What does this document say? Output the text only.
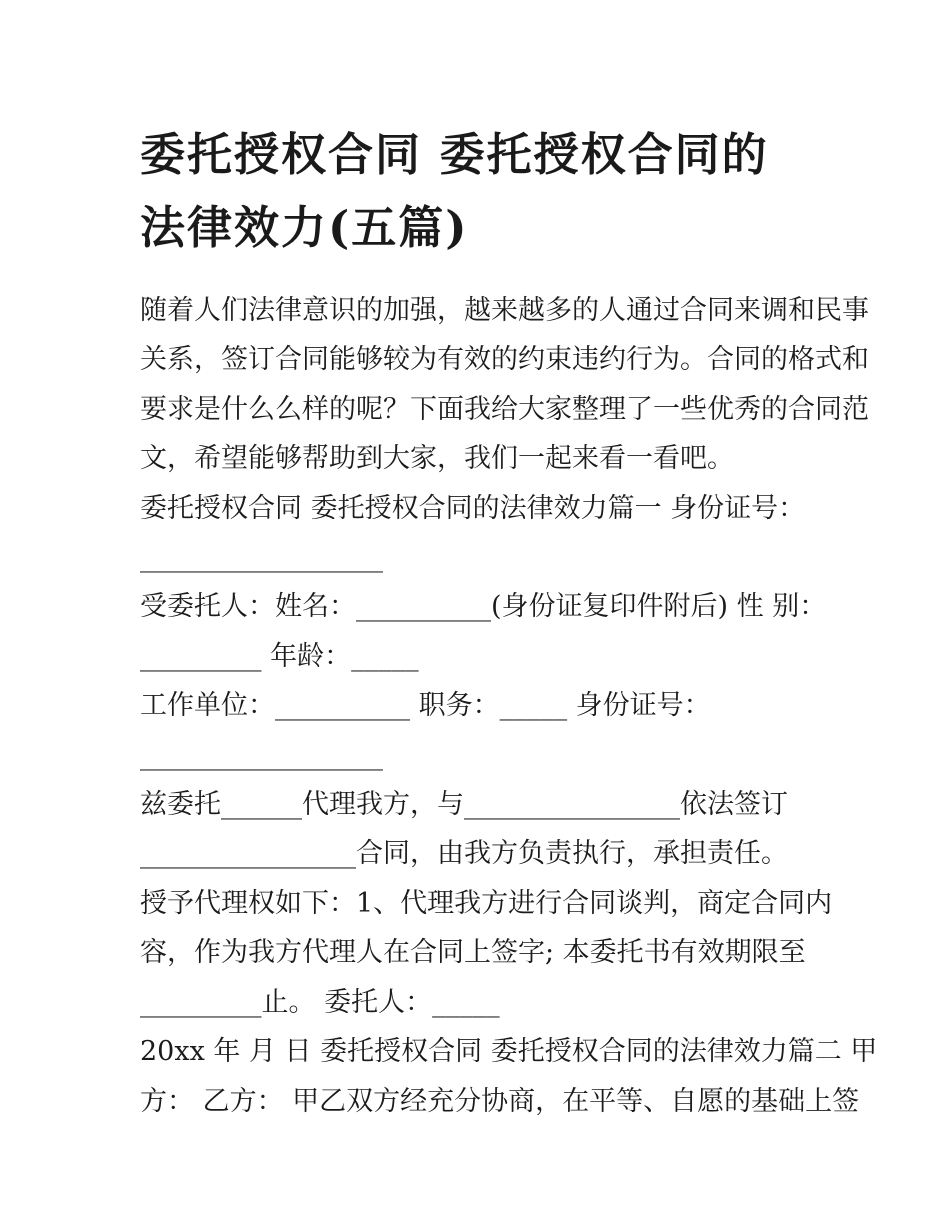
委托授权合同 委托授权合同的
法律效力(五篇)
随着人们法律意识的加强，越来越多的人通过合同来调和民事
关系，签订合同能够较为有效的约束违约行为。合同的格式和
要求是什么么样的呢？下面我给大家整理了一些优秀的合同范
文，希望能够帮助到大家，我们一起来看一看吧。
委托授权合同 委托授权合同的法律效力篇一 身份证号：
__________________
受委托人：姓名：__________(身份证复印件附后) 性 别：
_________ 年龄：_____
工作单位：__________ 职务：_____ 身份证号：
__________________
兹委托______代理我方，与________________依法签订
________________合同，由我方负责执行，承担责任。
授予代理权如下：1、代理我方进行合同谈判，商定合同内
容，作为我方代理人在合同上签字; 本委托书有效期限至
_________止。 委托人：_____
20xx 年 月 日 委托授权合同 委托授权合同的法律效力篇二 甲
方： 乙方： 甲乙双方经充分协商，在平等、自愿的基础上签
